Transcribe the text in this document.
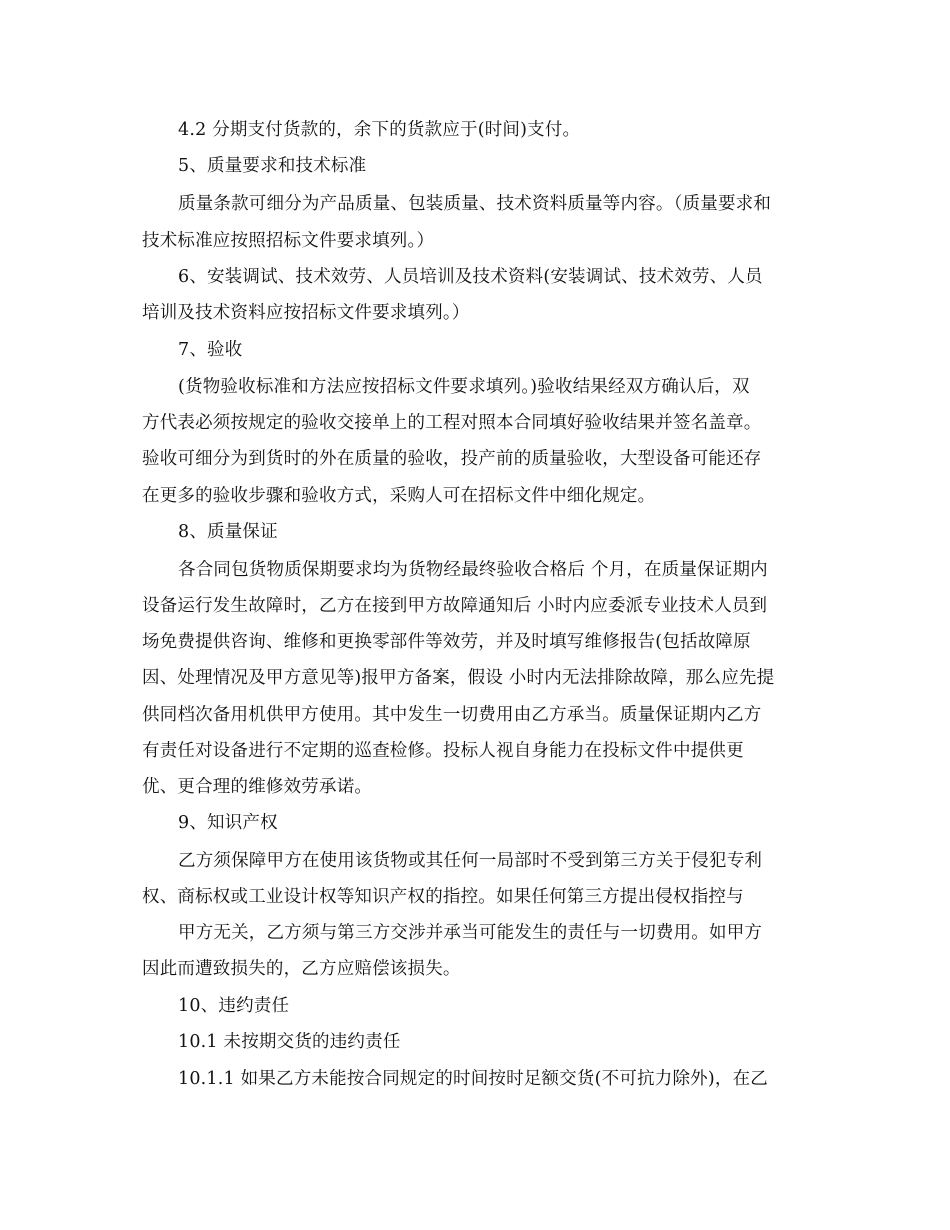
4.2 分期支付货款的，余下的货款应于(时间)支付。
5、质量要求和技术标准
质量条款可细分为产品质量、包装质量、技术资料质量等内容。（质量要求和
技术标准应按照招标文件要求填列。）
6、安装调试、技术效劳、人员培训及技术资料(安装调试、技术效劳、人员
培训及技术资料应按招标文件要求填列。）
7、验收
(货物验收标准和方法应按招标文件要求填列。)验收结果经双方确认后，双
方代表必须按规定的验收交接单上的工程对照本合同填好验收结果并签名盖章。
验收可细分为到货时的外在质量的验收，投产前的质量验收，大型设备可能还存
在更多的验收步骤和验收方式，采购人可在招标文件中细化规定。
8、质量保证
各合同包货物质保期要求均为货物经最终验收合格后 个月，在质量保证期内
设备运行发生故障时，乙方在接到甲方故障通知后 小时内应委派专业技术人员到
场免费提供咨询、维修和更换零部件等效劳，并及时填写维修报告(包括故障原
因、处理情况及甲方意见等)报甲方备案，假设 小时内无法排除故障，那么应先提
供同档次备用机供甲方使用。其中发生一切费用由乙方承当。质量保证期内乙方
有责任对设备进行不定期的巡查检修。投标人视自身能力在投标文件中提供更
优、更合理的维修效劳承诺。
9、知识产权
乙方须保障甲方在使用该货物或其任何一局部时不受到第三方关于侵犯专利
权、商标权或工业设计权等知识产权的指控。如果任何第三方提出侵权指控与
甲方无关，乙方须与第三方交涉并承当可能发生的责任与一切费用。如甲方
因此而遭致损失的，乙方应赔偿该损失。
10、违约责任
10.1 未按期交货的违约责任
10.1.1 如果乙方未能按合同规定的时间按时足额交货(不可抗力除外)，在乙
